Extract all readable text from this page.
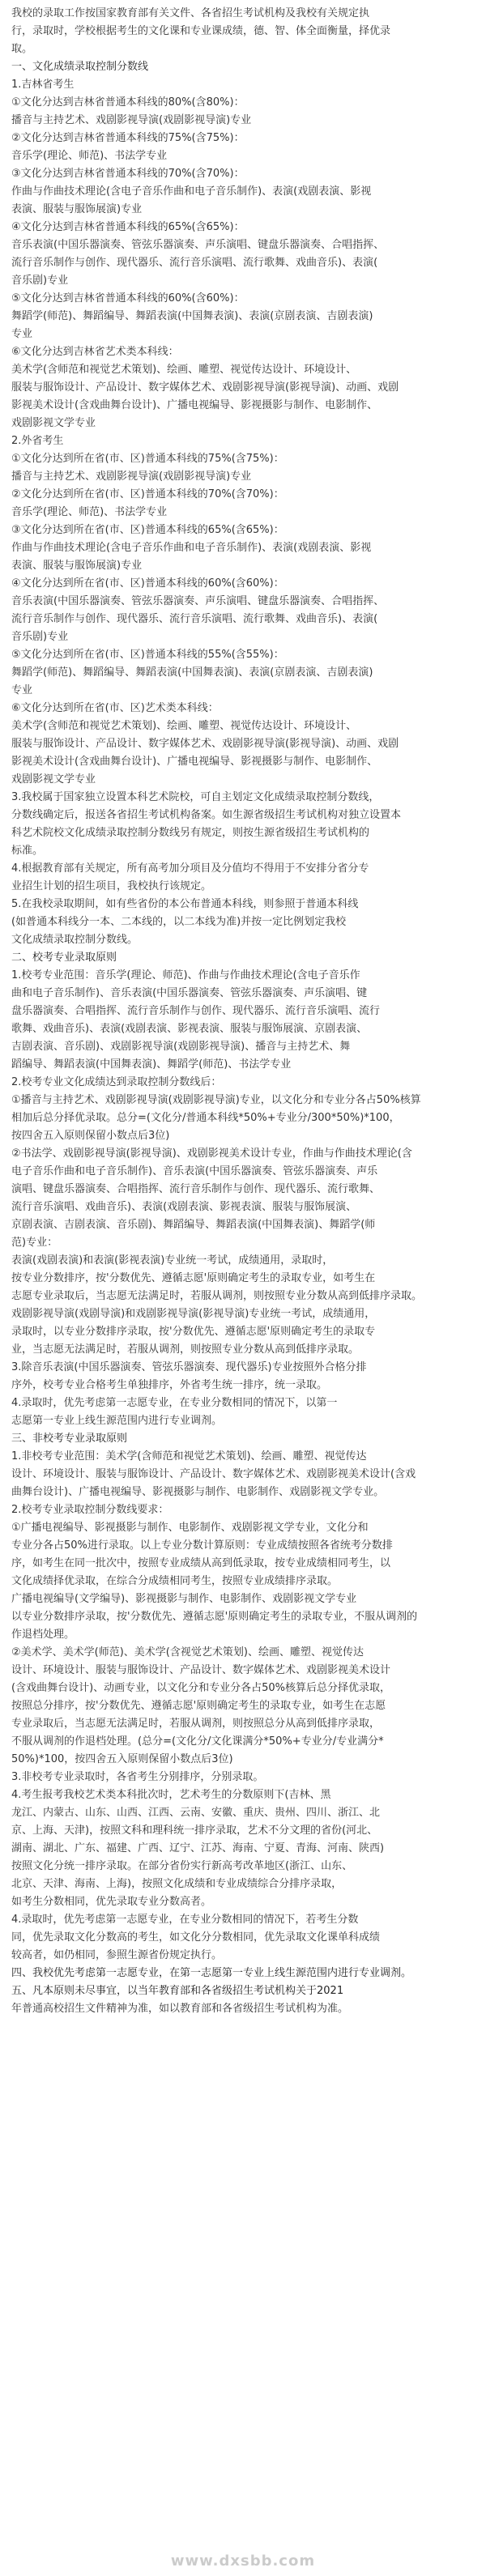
我校的录取工作按国家教育部有关文件、各省招生考试机构及我校有关规定执
行，录取时，学校根据考生的文化课和专业课成绩，德、智、体全面衡量，择优录
取。
一、文化成绩录取控制分数线
1.吉林省考生
①文化分达到吉林省普通本科线的80%(含80%)：
播音与主持艺术、戏剧影视导演(戏剧影视导演)专业
②文化分达到吉林省普通本科线的75%(含75%)：
音乐学(理论、师范)、书法学专业
③文化分达到吉林省普通本科线的70%(含70%)：
作曲与作曲技术理论(含电子音乐作曲和电子音乐制作)、表演(戏剧表演、影视
表演、服装与服饰展演)专业
④文化分达到吉林省普通本科线的65%(含65%)：
音乐表演(中国乐器演奏、管弦乐器演奏、声乐演唱、键盘乐器演奏、合唱指挥、
流行音乐制作与创作、现代器乐、流行音乐演唱、流行歌舞、戏曲音乐)、表演(
音乐剧)专业
⑤文化分达到吉林省普通本科线的60%(含60%)：
舞蹈学(师范)、舞蹈编导、舞蹈表演(中国舞表演)、表演(京剧表演、吉剧表演)
专业
⑥文化分达到吉林省艺术类本科线：
美术学(含师范和视觉艺术策划)、绘画、雕塑、视觉传达设计、环境设计、
服装与服饰设计、产品设计、数字媒体艺术、戏剧影视导演(影视导演)、动画、戏剧
影视美术设计(含戏曲舞台设计)、广播电视编导、影视摄影与制作、电影制作、
戏剧影视文学专业
2.外省考生
①文化分达到所在省(市、区)普通本科线的75%(含75%)：
播音与主持艺术、戏剧影视导演(戏剧影视导演)专业
②文化分达到所在省(市、区)普通本科线的70%(含70%)：
音乐学(理论、师范)、书法学专业
③文化分达到所在省(市、区)普通本科线的65%(含65%)：
作曲与作曲技术理论(含电子音乐作曲和电子音乐制作)、表演(戏剧表演、影视
表演、服装与服饰展演)专业
④文化分达到所在省(市、区)普通本科线的60%(含60%)：
音乐表演(中国乐器演奏、管弦乐器演奏、声乐演唱、键盘乐器演奏、合唱指挥、
流行音乐制作与创作、现代器乐、流行音乐演唱、流行歌舞、戏曲音乐)、表演(
音乐剧)专业
⑤文化分达到所在省(市、区)普通本科线的55%(含55%)：
舞蹈学(师范)、舞蹈编导、舞蹈表演(中国舞表演)、表演(京剧表演、吉剧表演)
专业
⑥文化分达到所在省(市、区)艺术类本科线：
美术学(含师范和视觉艺术策划)、绘画、雕塑、视觉传达设计、环境设计、
服装与服饰设计、产品设计、数字媒体艺术、戏剧影视导演(影视导演)、动画、戏剧
影视美术设计(含戏曲舞台设计)、广播电视编导、影视摄影与制作、电影制作、
戏剧影视文学专业
3.我校属于国家独立设置本科艺术院校，可自主划定文化成绩录取控制分数线，
分数线确定后，报送各省招生考试机构备案。如生源省级招生考试机构对独立设置本
科艺术院校文化成绩录取控制分数线另有规定，则按生源省级招生考试机构的
标准。
4.根据教育部有关规定，所有高考加分项目及分值均不得用于不安排分省分专
业招生计划的招生项目，我校执行该规定。
5.在我校录取期间，如有些省份的本公布普通本科线，则参照于普通本科线
(如普通本科线分一本、二本线的，以二本线为准)并按一定比例划定我校
文化成绩录取控制分数线。
二、校考专业录取原则
1.校考专业范围：音乐学(理论、师范)、作曲与作曲技术理论(含电子音乐作
曲和电子音乐制作)、音乐表演(中国乐器演奏、管弦乐器演奏、声乐演唱、键
盘乐器演奏、合唱指挥、流行音乐制作与创作、现代器乐、流行音乐演唱、流行
歌舞、戏曲音乐)、表演(戏剧表演、影视表演、服装与服饰展演、京剧表演、
吉剧表演、音乐剧)、戏剧影视导演(戏剧影视导演)、播音与主持艺术、舞
蹈编导、舞蹈表演(中国舞表演)、舞蹈学(师范)、书法学专业
2.校考专业文化成绩达到录取控制分数线后：
①播音与主持艺术、戏剧影视导演(戏剧影视导演)专业，以文化分和专业分各占50%核算
相加后总分择优录取。总分=(文化分/普通本科线*50%+专业分/300*50%)*100，
按四舍五入原则保留小数点后3位)
②书法学、戏剧影视导演(影视导演)、戏剧影视美术设计专业，作曲与作曲技术理论(含
电子音乐作曲和电子音乐制作)、音乐表演(中国乐器演奏、管弦乐器演奏、声乐
演唱、键盘乐器演奏、合唱指挥、流行音乐制作与创作、现代器乐、流行歌舞、
流行音乐演唱、戏曲音乐)、表演(戏剧表演、影视表演、服装与服饰展演、
京剧表演、吉剧表演、音乐剧)、舞蹈编导、舞蹈表演(中国舞表演)、舞蹈学(师
范)专业：
表演(戏剧表演)和表演(影视表演)专业统一考试，成绩通用，录取时，
按专业分数排序，按'分数优先、遵循志愿'原则确定考生的录取专业，如考生在
志愿专业录取后，当志愿无法满足时，若服从调剂，则按照专业分数从高到低排序录取。
戏剧影视导演(戏剧导演)和戏剧影视导演(影视导演)专业统一考试，成绩通用，
录取时，以专业分数排序录取，按'分数优先、遵循志愿'原则确定考生的录取专
业，当志愿无法满足时，若服从调剂，则按照专业分数从高到低排序录取。
3.除音乐表演(中国乐器演奏、管弦乐器演奏、现代器乐)专业按照外合格分排
序外，校考专业合格考生单独排序，外省考生统一排序，统一录取。
4.录取时，优先考虑第一志愿专业，在专业分数相同的情况下，以第一
志愿第一专业上线生源范围内进行专业调剂。
三、非校考专业录取原则
1.非校考专业范围：美术学(含师范和视觉艺术策划)、绘画、雕塑、视觉传达
设计、环境设计、服装与服饰设计、产品设计、数字媒体艺术、戏剧影视美术设计(含戏
曲舞台设计)、广播电视编导、影视摄影与制作、电影制作、戏剧影视文学专业。
2.校考专业录取控制分数线要求：
①广播电视编导、影视摄影与制作、电影制作、戏剧影视文学专业，文化分和
专业分各占50%进行录取。以上专业分数计算原则：专业成绩按照各省统考分数排
序，如考生在同一批次中，按照专业成绩从高到低录取，按专业成绩相同考生，以
文化成绩择优录取，在综合分成绩相同考生，按照专业成绩排序录取。
广播电视编导(文学编导)、影视摄影与制作、电影制作、戏剧影视文学专业
以专业分数排序录取，按'分数优先、遵循志愿'原则确定考生的录取专业，不服从调剂的
作退档处理。
②美术学、美术学(师范)、美术学(含视觉艺术策划)、绘画、雕塑、视觉传达
设计、环境设计、服装与服饰设计、产品设计、数字媒体艺术、戏剧影视美术设计
(含戏曲舞台设计)、动画专业，以文化分和专业分各占50%核算后总分择优录取，
按照总分排序，按'分数优先、遵循志愿'原则确定考生的录取专业，如考生在志愿
专业录取后，当志愿无法满足时，若服从调剂，则按照总分从高到低排序录取，
不服从调剂的作退档处理。(总分=(文化分/文化课满分*50%+专业分/专业满分*
50%)*100，按四舍五入原则保留小数点后3位)
3.非校考专业录取时，各省考生分别排序，分别录取。
4.考生报考我校艺术类本科批次时，艺术考生的分数原则下(吉林、黑
龙江、内蒙古、山东、山西、江西、云南、安徽、重庆、贵州、四川、浙江、北
京、上海、天津)，按照文科和理科统一排序录取，艺术不分文理的省份(河北、
湖南、湖北、广东、福建、广西、辽宁、江苏、海南、宁夏、青海、河南、陕西)
按照文化分统一排序录取。在部分省份实行新高考改革地区(浙江、山东、
北京、天津、海南、上海)，按照文化成绩和专业成绩综合分排序录取，
如考生分数相同，优先录取专业分数高者。
4.录取时，优先考虑第一志愿专业，在专业分数相同的情况下，若考生分数
同，优先录取文化分数高的考生，如文化分分数相同，优先录取文化课单科成绩
较高者，如仍相同，参照生源省份规定执行。
四、我校优先考虑第一志愿专业，在第一志愿第一专业上线生源范围内进行专业调剂。
五、凡本原则未尽事宜，以当年教育部和各省级招生考试机构关于2021
年普通高校招生文件精神为准，如以教育部和各省级招生考试机构为准。
www.dxsbb.com
